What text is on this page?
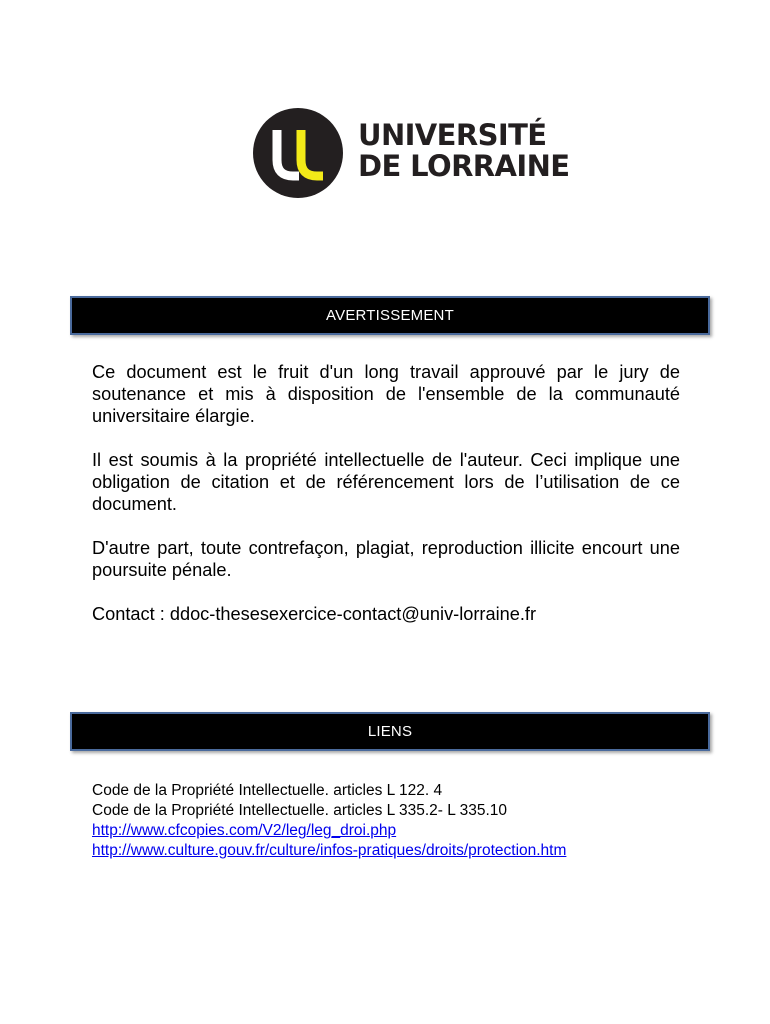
UNIVERSITÉ
DE LORRAINE
AVERTISSEMENT

Ce document est le fruit d'un long travail approuvé par le jury de soutenance et mis à disposition de l'ensemble de la communauté universitaire élargie.

Il est soumis à la propriété intellectuelle de l'auteur. Ceci implique une obligation de citation et de référencement lors de l’utilisation de ce document.

D'autre part, toute contrefaçon, plagiat, reproduction illicite encourt une poursuite pénale.

Contact : ddoc-thesesexercice-contact@univ-lorraine.fr

LIENS
Code de la Propriété Intellectuelle. articles L 122. 4
Code de la Propriété Intellectuelle. articles L 335.2- L 335.10
http://www.cfcopies.com/V2/leg/leg_droi.php
http://www.culture.gouv.fr/culture/infos-pratiques/droits/protection.htm
